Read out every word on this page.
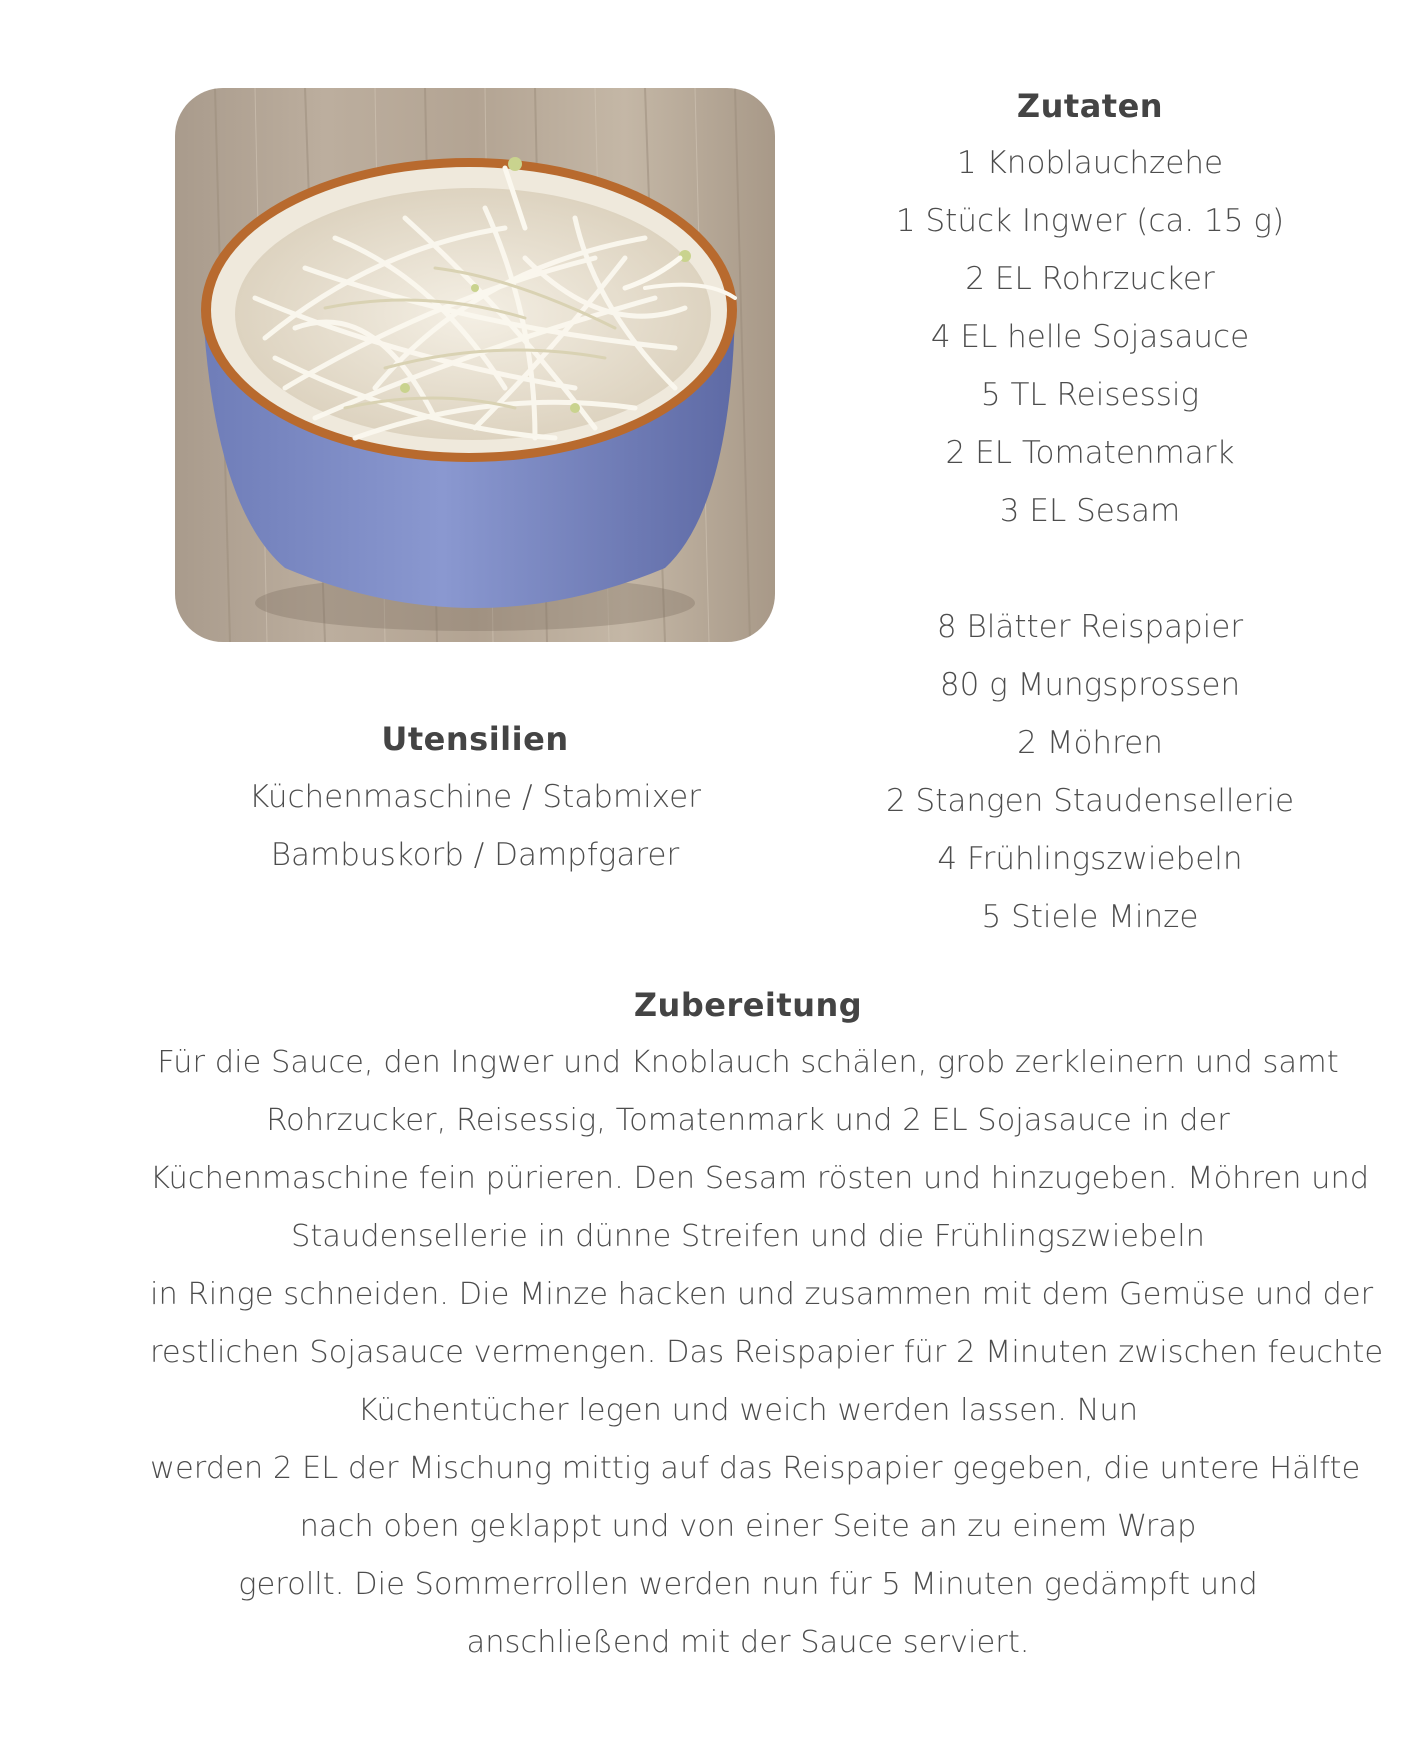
Zutaten
1 Knoblauchzehe
1 Stück Ingwer (ca. 15 g)
2 EL Rohrzucker
4 EL helle Sojasauce
5 TL Reisessig
2 EL Tomatenmark
3 EL Sesam
8 Blätter Reispapier
80 g Mungsprossen
2 Möhren
2 Stangen Staudensellerie
4 Frühlingszwiebeln
5 Stiele Minze
Utensilien
Küchenmaschine / Stabmixer
Bambuskorb / Dampfgarer
Zubereitung
Für die Sauce, den Ingwer und Knoblauch schälen, grob zerkleinern und samt
Rohrzucker, Reisessig, Tomatenmark und 2 EL Sojasauce in der
Küchenmaschine fein pürieren. Den Sesam rösten und hinzugeben. Möhren und
Staudensellerie in dünne Streifen und die Frühlingszwiebeln
in Ringe schneiden. Die Minze hacken und zusammen mit dem Gemüse und der
restlichen Sojasauce vermengen. Das Reispapier für 2 Minuten zwischen feuchte
Küchentücher legen und weich werden lassen. Nun
werden 2 EL der Mischung mittig auf das Reispapier gegeben, die untere Hälfte
nach oben geklappt und von einer Seite an zu einem Wrap
gerollt. Die Sommerrollen werden nun für 5 Minuten gedämpft und
anschließend mit der Sauce serviert.
